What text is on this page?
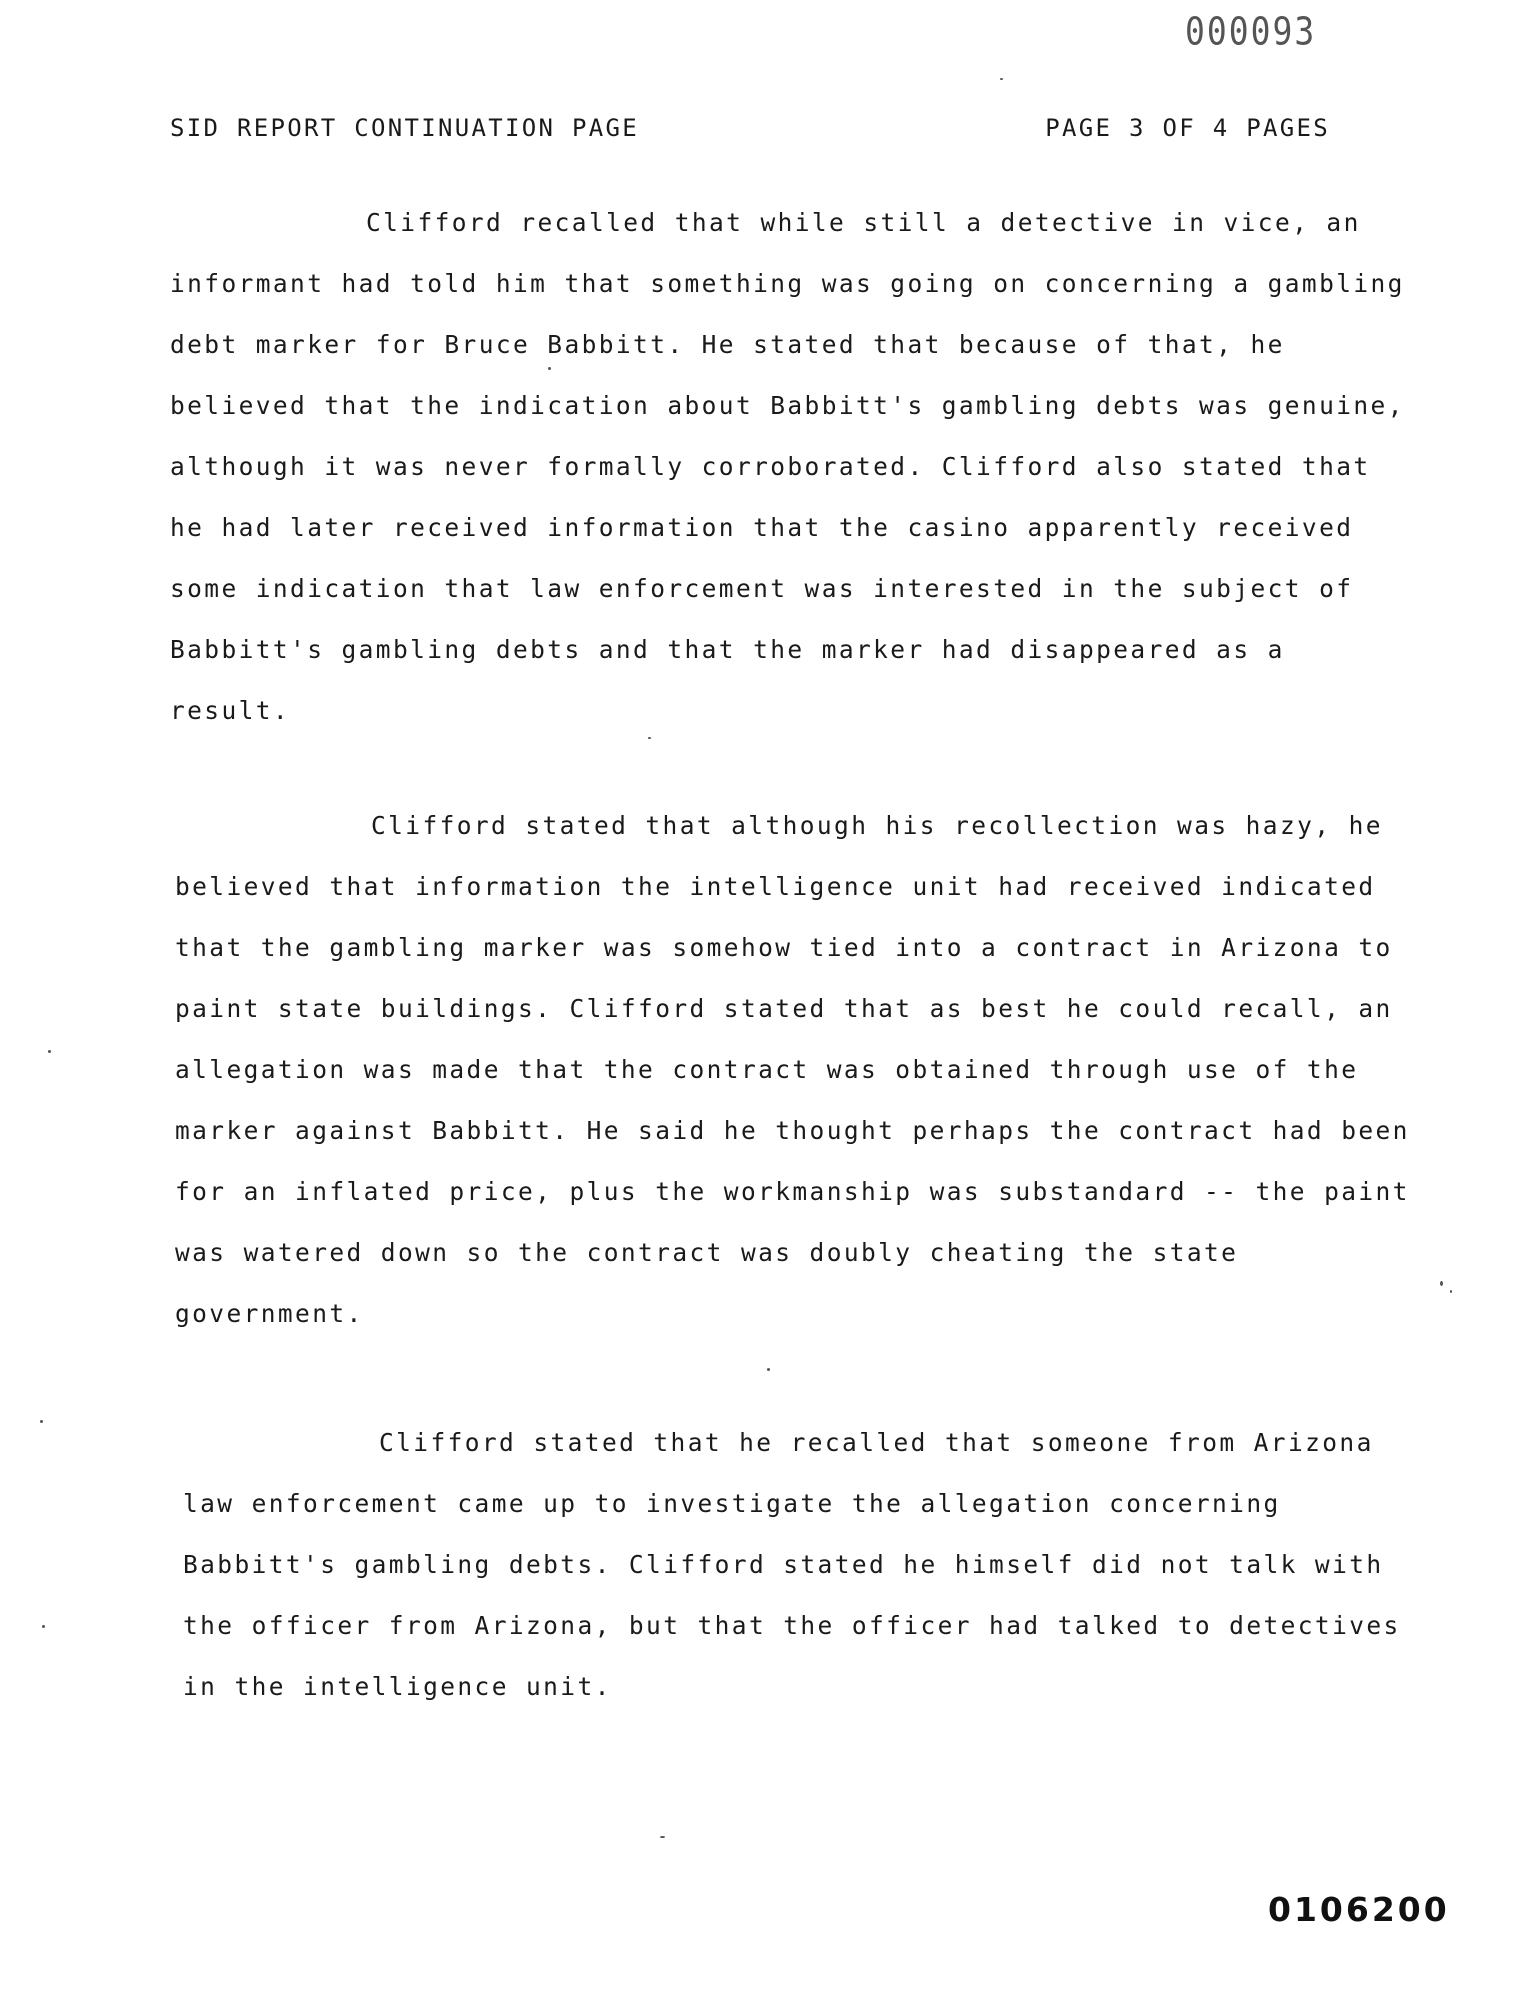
000093
SID REPORT CONTINUATION PAGE	PAGE 3 OF 4 PAGES

Clifford recalled that while still a detective in vice, an informant had told him that something was going on concerning a gambling debt marker for Bruce Babbitt. He stated that because of that, he believed that the indication about Babbitt's gambling debts was genuine, although it was never formally corroborated. Clifford also stated that he had later received information that the casino apparently received some indication that law enforcement was interested in the subject of Babbitt's gambling debts and that the marker had disappeared as a result.

Clifford stated that although his recollection was hazy, he believed that information the intelligence unit had received indicated that the gambling marker was somehow tied into a contract in Arizona to paint state buildings. Clifford stated that as best he could recall, an allegation was made that the contract was obtained through use of the marker against Babbitt. He said he thought perhaps the contract had been for an inflated price, plus the workmanship was substandard -- the paint was watered down so the contract was doubly cheating the state government.

Clifford stated that he recalled that someone from Arizona law enforcement came up to investigate the allegation concerning Babbitt's gambling debts. Clifford stated he himself did not talk with the officer from Arizona, but that the officer had talked to detectives in the intelligence unit.

0106200
